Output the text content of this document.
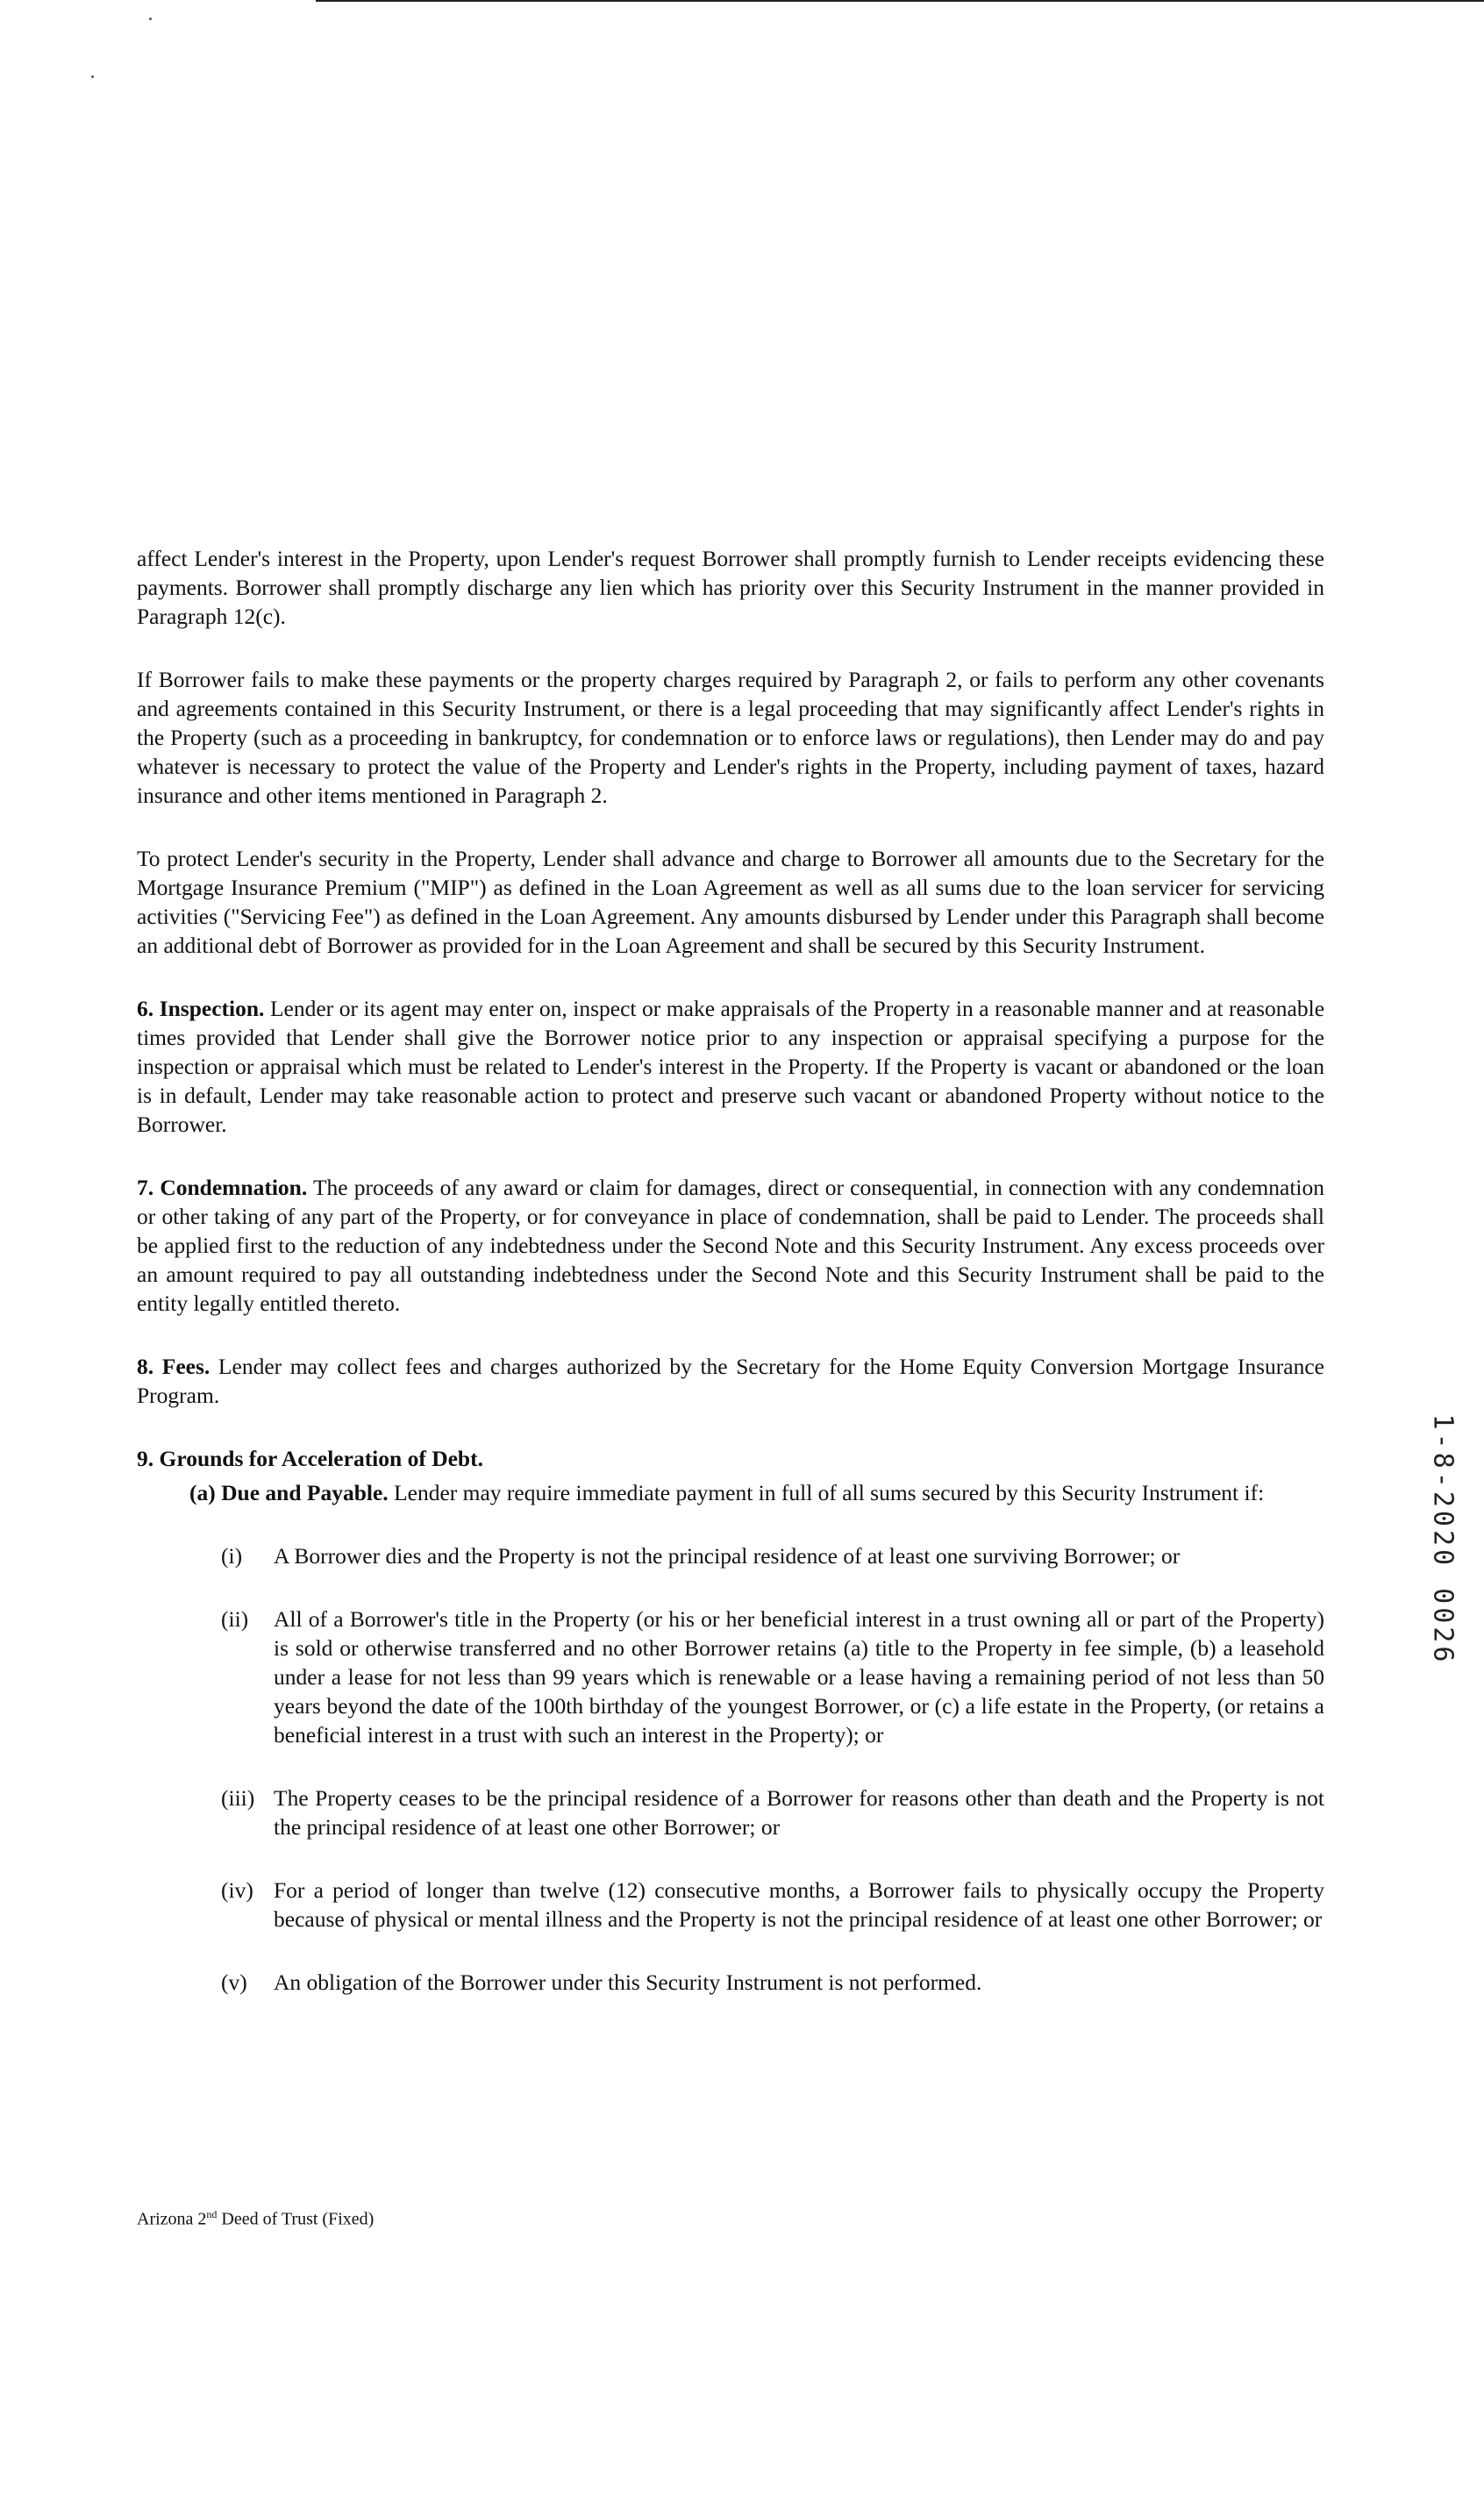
affect Lender's interest in the Property, upon Lender's request Borrower shall promptly furnish to Lender receipts evidencing these payments. Borrower shall promptly discharge any lien which has priority over this Security Instrument in the manner provided in Paragraph 12(c).

If Borrower fails to make these payments or the property charges required by Paragraph 2, or fails to perform any other covenants and agreements contained in this Security Instrument, or there is a legal proceeding that may significantly affect Lender's rights in the Property (such as a proceeding in bankruptcy, for condemnation or to enforce laws or regulations), then Lender may do and pay whatever is necessary to protect the value of the Property and Lender's rights in the Property, including payment of taxes, hazard insurance and other items mentioned in Paragraph 2.

To protect Lender's security in the Property, Lender shall advance and charge to Borrower all amounts due to the Secretary for the Mortgage Insurance Premium ("MIP") as defined in the Loan Agreement as well as all sums due to the loan servicer for servicing activities ("Servicing Fee") as defined in the Loan Agreement. Any amounts disbursed by Lender under this Paragraph shall become an additional debt of Borrower as provided for in the Loan Agreement and shall be secured by this Security Instrument.

6. Inspection. Lender or its agent may enter on, inspect or make appraisals of the Property in a reasonable manner and at reasonable times provided that Lender shall give the Borrower notice prior to any inspection or appraisal specifying a purpose for the inspection or appraisal which must be related to Lender's interest in the Property. If the Property is vacant or abandoned or the loan is in default, Lender may take reasonable action to protect and preserve such vacant or abandoned Property without notice to the Borrower.

7. Condemnation. The proceeds of any award or claim for damages, direct or consequential, in connection with any condemnation or other taking of any part of the Property, or for conveyance in place of condemnation, shall be paid to Lender. The proceeds shall be applied first to the reduction of any indebtedness under the Second Note and this Security Instrument. Any excess proceeds over an amount required to pay all outstanding indebtedness under the Second Note and this Security Instrument shall be paid to the entity legally entitled thereto.

8. Fees. Lender may collect fees and charges authorized by the Secretary for the Home Equity Conversion Mortgage Insurance Program.

9. Grounds for Acceleration of Debt.

(a) Due and Payable. Lender may require immediate payment in full of all sums secured by this Security Instrument if:

(i) A Borrower dies and the Property is not the principal residence of at least one surviving Borrower; or
(ii) All of a Borrower's title in the Property (or his or her beneficial interest in a trust owning all or part of the Property) is sold or otherwise transferred and no other Borrower retains (a) title to the Property in fee simple, (b) a leasehold under a lease for not less than 99 years which is renewable or a lease having a remaining period of not less than 50 years beyond the date of the 100th birthday of the youngest Borrower, or (c) a life estate in the Property, (or retains a beneficial interest in a trust with such an interest in the Property); or
(iii) The Property ceases to be the principal residence of a Borrower for reasons other than death and the Property is not the principal residence of at least one other Borrower; or
(iv) For a period of longer than twelve (12) consecutive months, a Borrower fails to physically occupy the Property because of physical or mental illness and the Property is not the principal residence of at least one other Borrower; or
(v) An obligation of the Borrower under this Security Instrument is not performed.
1-8-2020 0026
Arizona 2nd Deed of Trust (Fixed)
